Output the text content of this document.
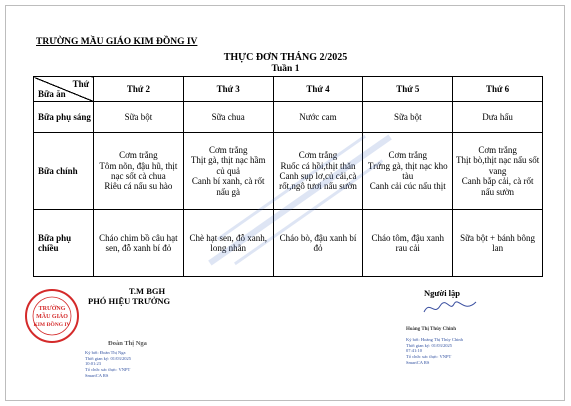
TRƯỜNG MẦU GIÁO KIM ĐỒNG IV
THỰC ĐƠN THÁNG 2/2025
Tuần 1
Bữa ăn
Thứ	Thứ 2	Thứ 3	Thứ 4	Thứ 5	Thứ 6
Bữa phụ sáng	Sữa bột	Sữa chua	Nước cam	Sữa bột	Dưa hấu
Bữa chính	Cơm trắng
Tôm nõn, đậu hũ, thịt nạc sốt cà chua
Riêu cá nấu su hào	Cơm trắng
Thịt gà, thịt nạc hầm củ quả
Canh bí xanh, cà rốt nấu gà	Cơm trắng
Ruốc cá hồi,thịt thăn
Canh sụp lơ,củ cải,cà rốt,ngô tươi nấu sườn	Cơm trắng
Trứng gà, thịt nạc kho tàu
Canh cải cúc nấu thịt	Cơm trắng
Thịt bò,thịt nạc nấu sốt vang
Canh bắp cải, cà rốt nấu sườn
Bữa phụ chiều	Cháo chim bồ câu hạt sen, đỗ xanh bí đỏ	Chè hạt sen, đỗ xanh, long nhãn	Cháo bò, đậu xanh bí đỏ	Cháo tôm, đậu xanh rau cải	Sữa bột + bánh bông lan
TRƯỜNG
MẦU GIÁO
KIM ĐỒNG IV
T.M BGH
PHÓ HIỆU TRƯỞNG
Đoàn Thị Nga
Ký bởi: Đoàn Thị Nga
Thời gian ký: 01/03/2025
10:01:23
Tổ chức xác thực: VNPT
SmartCA RS
Người lập
Hoàng Thị Thủy Chinh
Ký bởi: Hoàng Thị Thủy Chinh
Thời gian ký: 01/03/2025
07:41:10
Tổ chức xác thực: VNPT
SmartCA RS
